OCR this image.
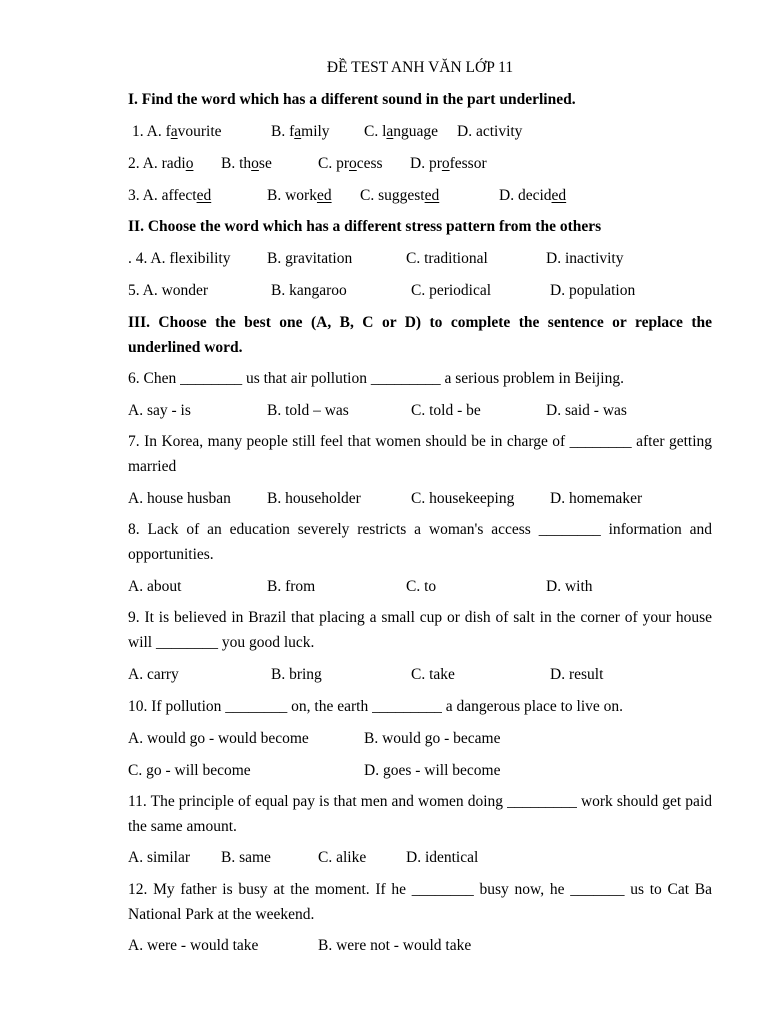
ĐỀ TEST ANH VĂN LỚP 11
I. Find the word which has a different sound in the part underlined.
1. A. favourite	B. family C. language D. activity
2. A. radio B. those	C. process D. professor
3. A. affected	B. worked C. suggested	D. decided
II. Choose the word which has a different stress pattern from the others
. 4. A. flexibility B. gravitation	C. traditional	D. inactivity
5. A. wonder	B. kangaroo	C. periodical	D. population
III. Choose the best one (A, B, C or D) to complete the sentence or replace the underlined word.
6. Chen ________ us that air pollution _________ a serious problem in Beijing.
A. say - is	B. told – was	C. told - be	D. said - was
7. In Korea, many people still feel that women should be in charge of ________ after getting married
A. house husban B. householder	C. housekeeping D. homemaker
8. Lack of an education severely restricts a woman's access ________ information and opportunities.
A. about	B. from	C. to	D. with
9. It is believed in Brazil that placing a small cup or dish of salt in the corner of your house will ________ you good luck.
A. carry	B. bring	C. take	D. result
10. If pollution ________ on, the earth _________ a dangerous place to live on.
A. would go - would become	B. would go - became
C. go - will become	D. goes - will become
11. The principle of equal pay is that men and women doing _________ work should get paid the same amount.
A. similar B. same	C. alike	D. identical
12. My father is busy at the moment. If he ________ busy now, he _______ us to Cat Ba National Park at the weekend.
A. were - would take	B. were not - would take
